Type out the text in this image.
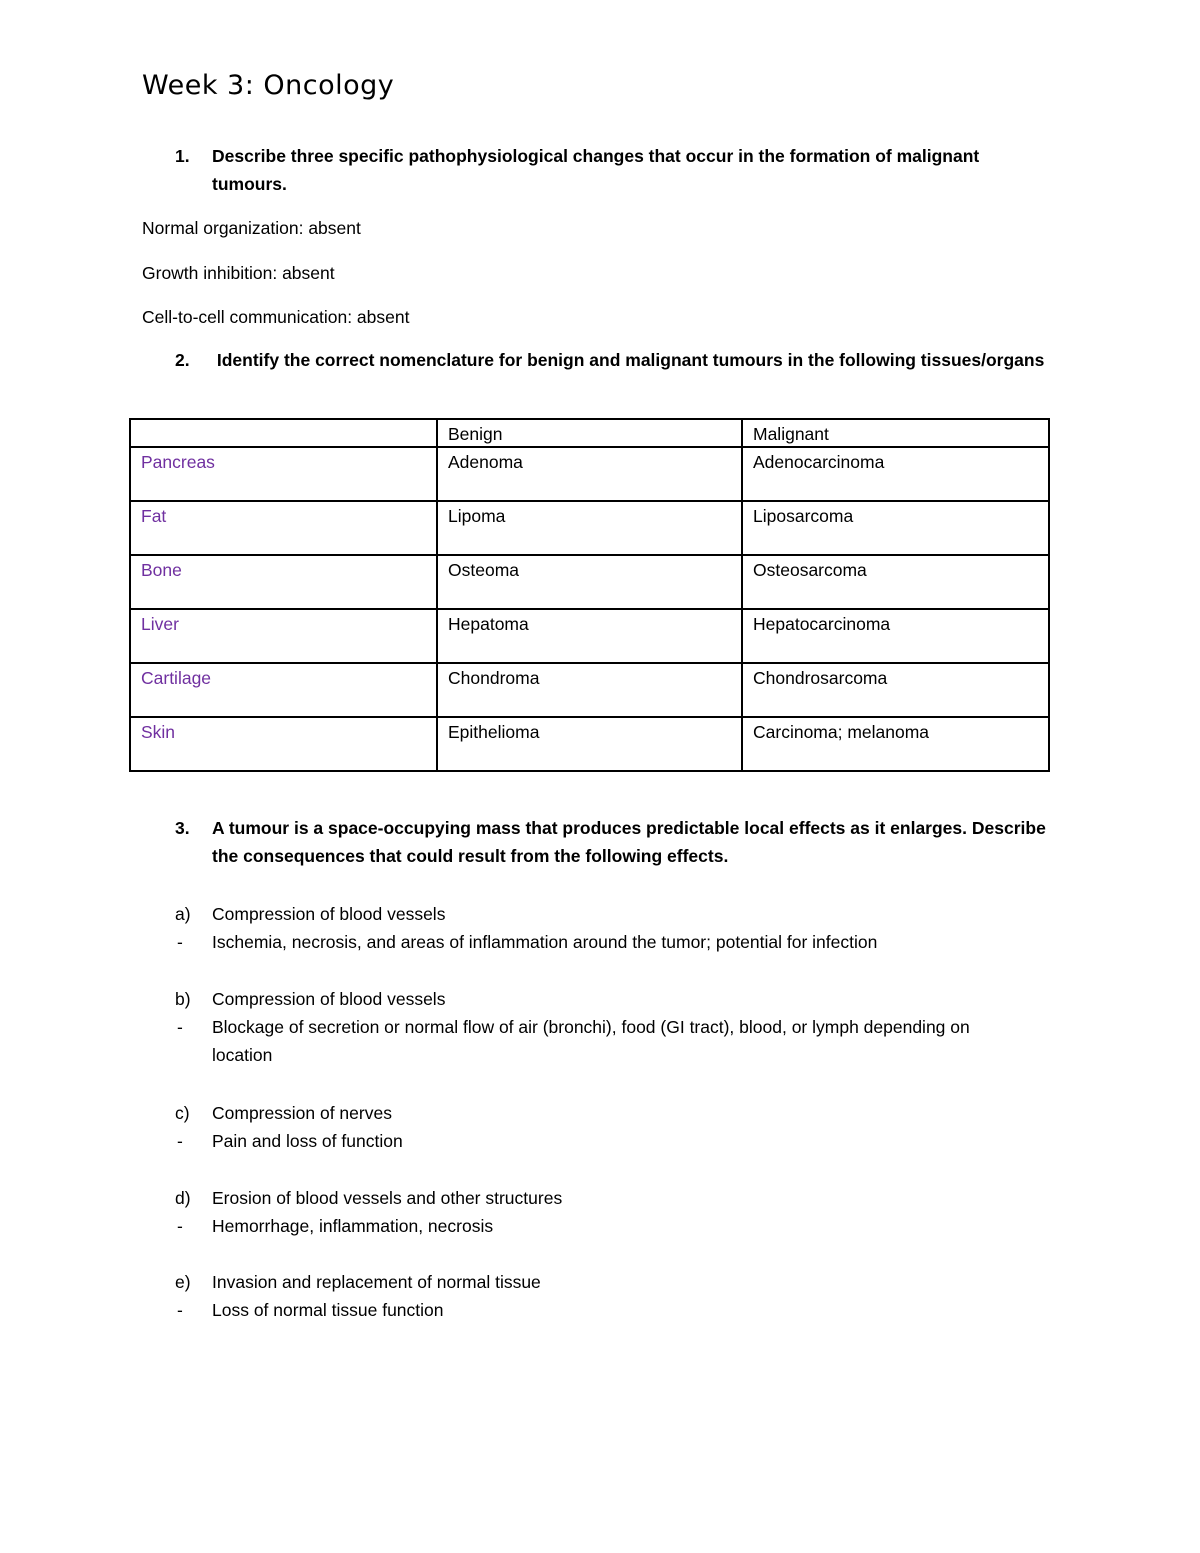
Week 3: Oncology
1.	Describe three specific pathophysiological changes that occur in the formation of malignant tumours.
Normal organization: absent
Growth inhibition: absent
Cell-to-cell communication: absent
2.	Identify the correct nomenclature for benign and malignant tumours in the following tissues/organs
	Benign	Malignant
Pancreas	Adenoma	Adenocarcinoma
Fat	Lipoma	Liposarcoma
Bone	Osteoma	Osteosarcoma
Liver	Hepatoma	Hepatocarcinoma
Cartilage	Chondroma	Chondrosarcoma
Skin	Epithelioma	Carcinoma; melanoma
3.	A tumour is a space-occupying mass that produces predictable local effects as it enlarges. Describe the consequences that could result from the following effects.
a) Compression of blood vessels
- Ischemia, necrosis, and areas of inflammation around the tumor; potential for infection
b) Compression of blood vessels
- Blockage of secretion or normal flow of air (bronchi), food (GI tract), blood, or lymph depending on location
c) Compression of nerves
- Pain and loss of function
d) Erosion of blood vessels and other structures
- Hemorrhage, inflammation, necrosis
e) Invasion and replacement of normal tissue
- Loss of normal tissue function
